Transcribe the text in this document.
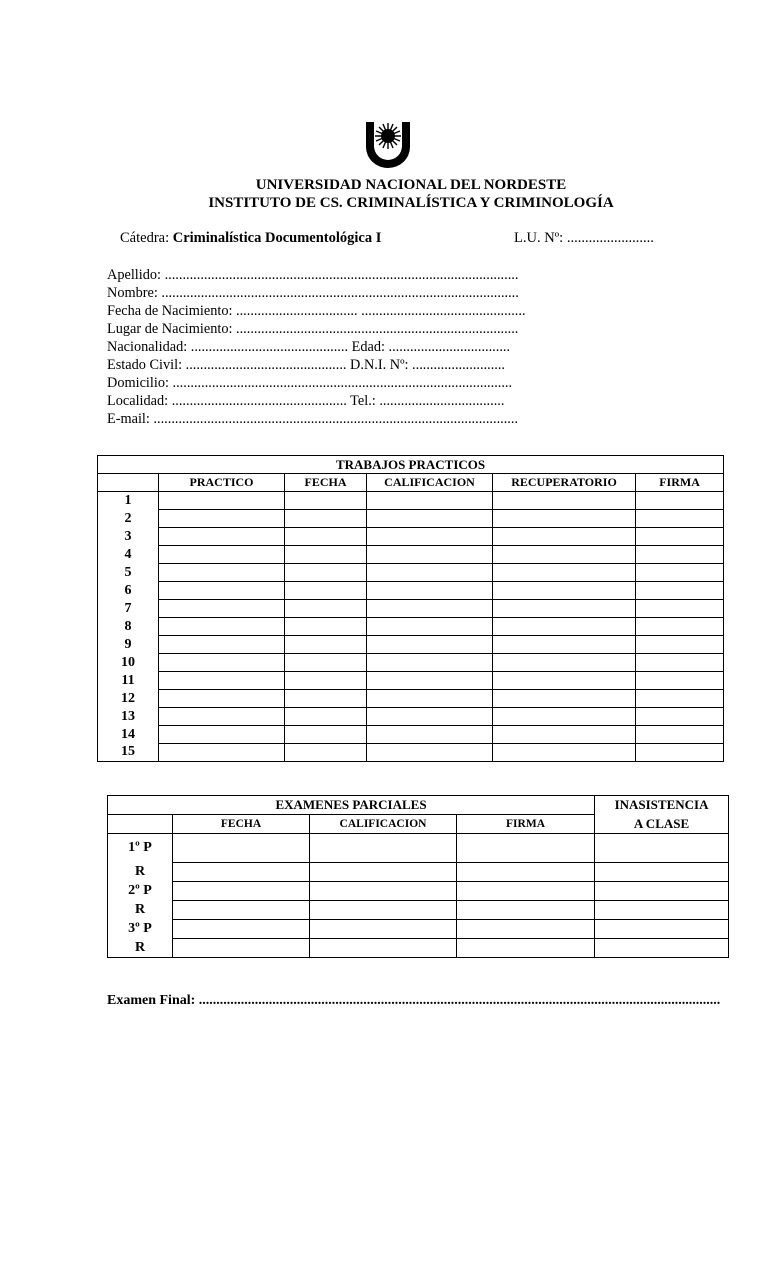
UNIVERSIDAD NACIONAL DEL NORDESTE
INSTITUTO DE CS. CRIMINALÍSTICA Y CRIMINOLOGÍA
Cátedra: Criminalística Documentológica I	L.U. Nº: ........................
Apellido: ...................................................................................................
Nombre: ....................................................................................................
Fecha de Nacimiento: .................................. ..............................................
Lugar de Nacimiento: ...............................................................................
Nacionalidad: ............................................ Edad: ..................................
Estado Civil: ............................................. D.N.I. Nº: ..........................
Domicilio: ...............................................................................................
Localidad: ................................................. Tel.: ...................................
E-mail: ......................................................................................................
TRABAJOS PRACTICOS					
	PRACTICO	FECHA	CALIFICACION	RECUPERATORIO	FIRMA
1					
2					
3					
4					
5					
6					
7					
8					
9					
10					
11					
12					
13					
14					
15					
EXAMENES PARCIALES				INASISTENCIA
	FECHA	CALIFICACION	FIRMA	A CLASE
1º P				
R				
2º P				
R				
3º P				
R				
Examen Final: .....................................................................................................................................................
